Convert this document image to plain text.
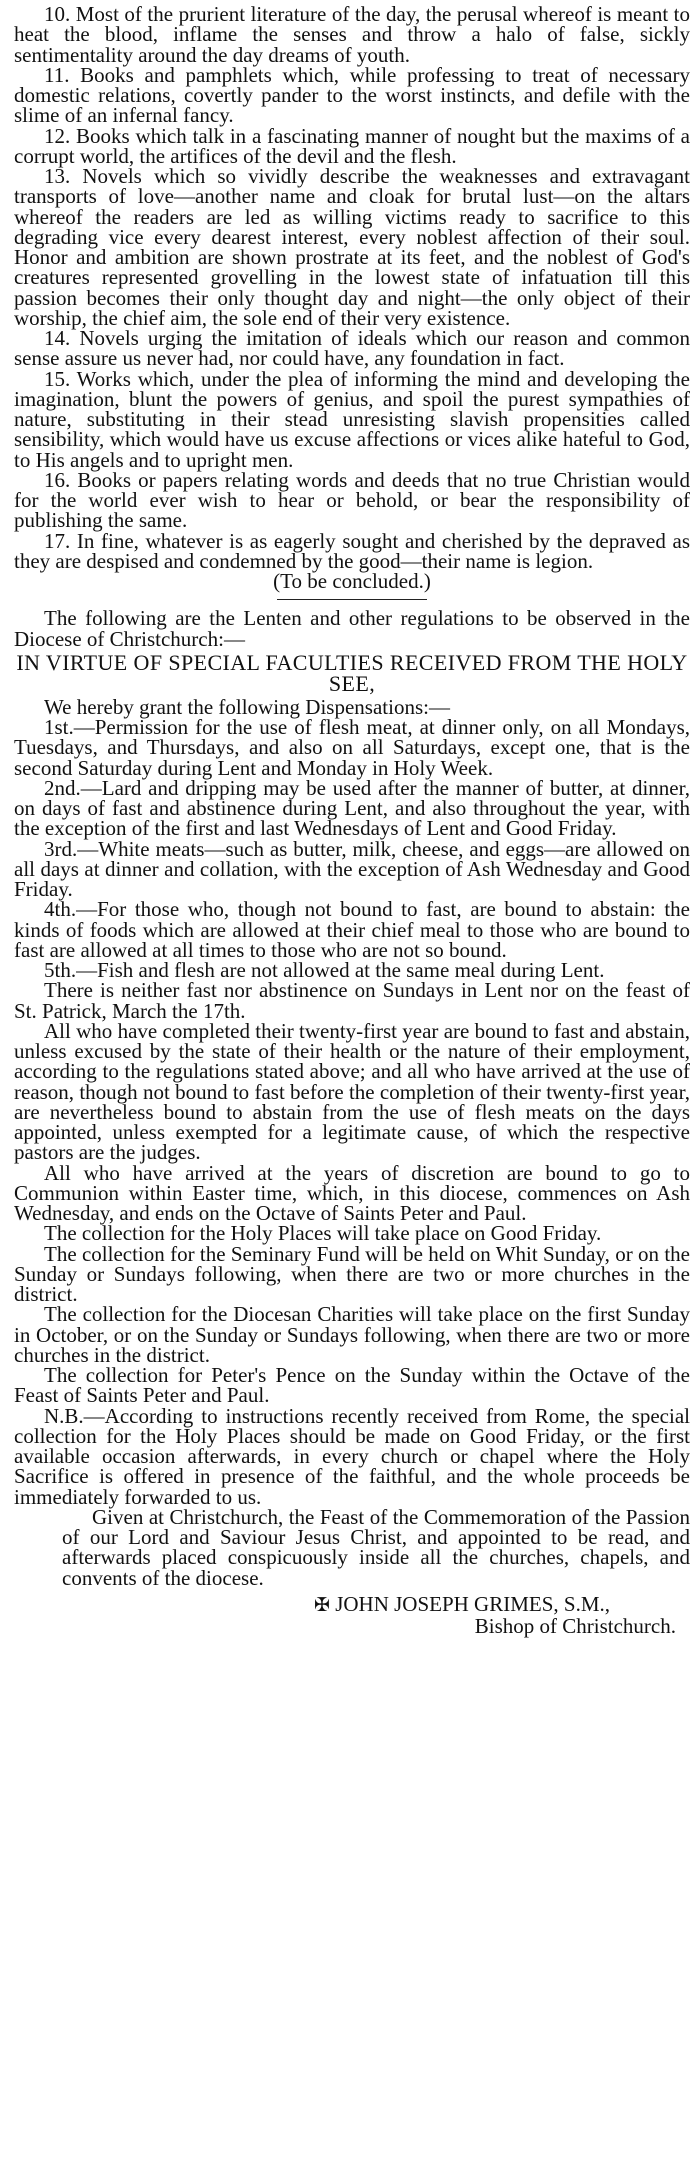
10. Most of the prurient literature of the day, the perusal whereof is meant to heat the blood, inflame the senses and throw a halo of false, sickly sentimentality around the day dreams of youth.

11. Books and pamphlets which, while professing to treat of necessary domestic relations, covertly pander to the worst instincts, and defile with the slime of an infernal fancy.

12. Books which talk in a fascinating manner of nought but the maxims of a corrupt world, the artifices of the devil and the flesh.

13. Novels which so vividly describe the weaknesses and extravagant transports of love—another name and cloak for brutal lust—on the altars whereof the readers are led as willing victims ready to sacrifice to this degrading vice every dearest interest, every noblest affection of their soul. Honor and ambition are shown prostrate at its feet, and the noblest of God's creatures represented grovelling in the lowest state of infatuation till this passion becomes their only thought day and night—the only object of their worship, the chief aim, the sole end of their very existence.

14. Novels urging the imitation of ideals which our reason and common sense assure us never had, nor could have, any foundation in fact.

15. Works which, under the plea of informing the mind and developing the imagination, blunt the powers of genius, and spoil the purest sympathies of nature, substituting in their stead unresisting slavish propensities called sensibility, which would have us excuse affections or vices alike hateful to God, to His angels and to upright men.

16. Books or papers relating words and deeds that no true Christian would for the world ever wish to hear or behold, or bear the responsibility of publishing the same.

17. In fine, whatever is as eagerly sought and cherished by the depraved as they are despised and condemned by the good—their name is legion.

(To be concluded.)

The following are the Lenten and other regulations to be observed in the Diocese of Christchurch:—

IN VIRTUE OF SPECIAL FACULTIES RECEIVED FROM THE HOLY SEE,

We hereby grant the following Dispensations:—

1st.—Permission for the use of flesh meat, at dinner only, on all Mondays, Tuesdays, and Thursdays, and also on all Saturdays, except one, that is the second Saturday during Lent and Monday in Holy Week.

2nd.—Lard and dripping may be used after the manner of butter, at dinner, on days of fast and abstinence during Lent, and also throughout the year, with the exception of the first and last Wednesdays of Lent and Good Friday.

3rd.—White meats—such as butter, milk, cheese, and eggs—are allowed on all days at dinner and collation, with the exception of Ash Wednesday and Good Friday.

4th.—For those who, though not bound to fast, are bound to abstain: the kinds of foods which are allowed at their chief meal to those who are bound to fast are allowed at all times to those who are not so bound.

5th.—Fish and flesh are not allowed at the same meal during Lent.

There is neither fast nor abstinence on Sundays in Lent nor on the feast of St. Patrick, March the 17th.

All who have completed their twenty-first year are bound to fast and abstain, unless excused by the state of their health or the nature of their employment, according to the regulations stated above; and all who have arrived at the use of reason, though not bound to fast before the completion of their twenty-first year, are nevertheless bound to abstain from the use of flesh meats on the days appointed, unless exempted for a legitimate cause, of which the respective pastors are the judges.

All who have arrived at the years of discretion are bound to go to Communion within Easter time, which, in this diocese, commences on Ash Wednesday, and ends on the Octave of Saints Peter and Paul.

The collection for the Holy Places will take place on Good Friday.

The collection for the Seminary Fund will be held on Whit Sunday, or on the Sunday or Sundays following, when there are two or more churches in the district.

The collection for the Diocesan Charities will take place on the first Sunday in October, or on the Sunday or Sundays following, when there are two or more churches in the district.

The collection for Peter's Pence on the Sunday within the Octave of the Feast of Saints Peter and Paul.

N.B.—According to instructions recently received from Rome, the special collection for the Holy Places should be made on Good Friday, or the first available occasion afterwards, in every church or chapel where the Holy Sacrifice is offered in presence of the faithful, and the whole proceeds be immediately forwarded to us.

Given at Christchurch, the Feast of the Commemoration of the Passion of our Lord and Saviour Jesus Christ, and appointed to be read, and afterwards placed conspicuously inside all the churches, chapels, and convents of the diocese.

✠ JOHN JOSEPH GRIMES, S.M.,

Bishop of Christchurch.
